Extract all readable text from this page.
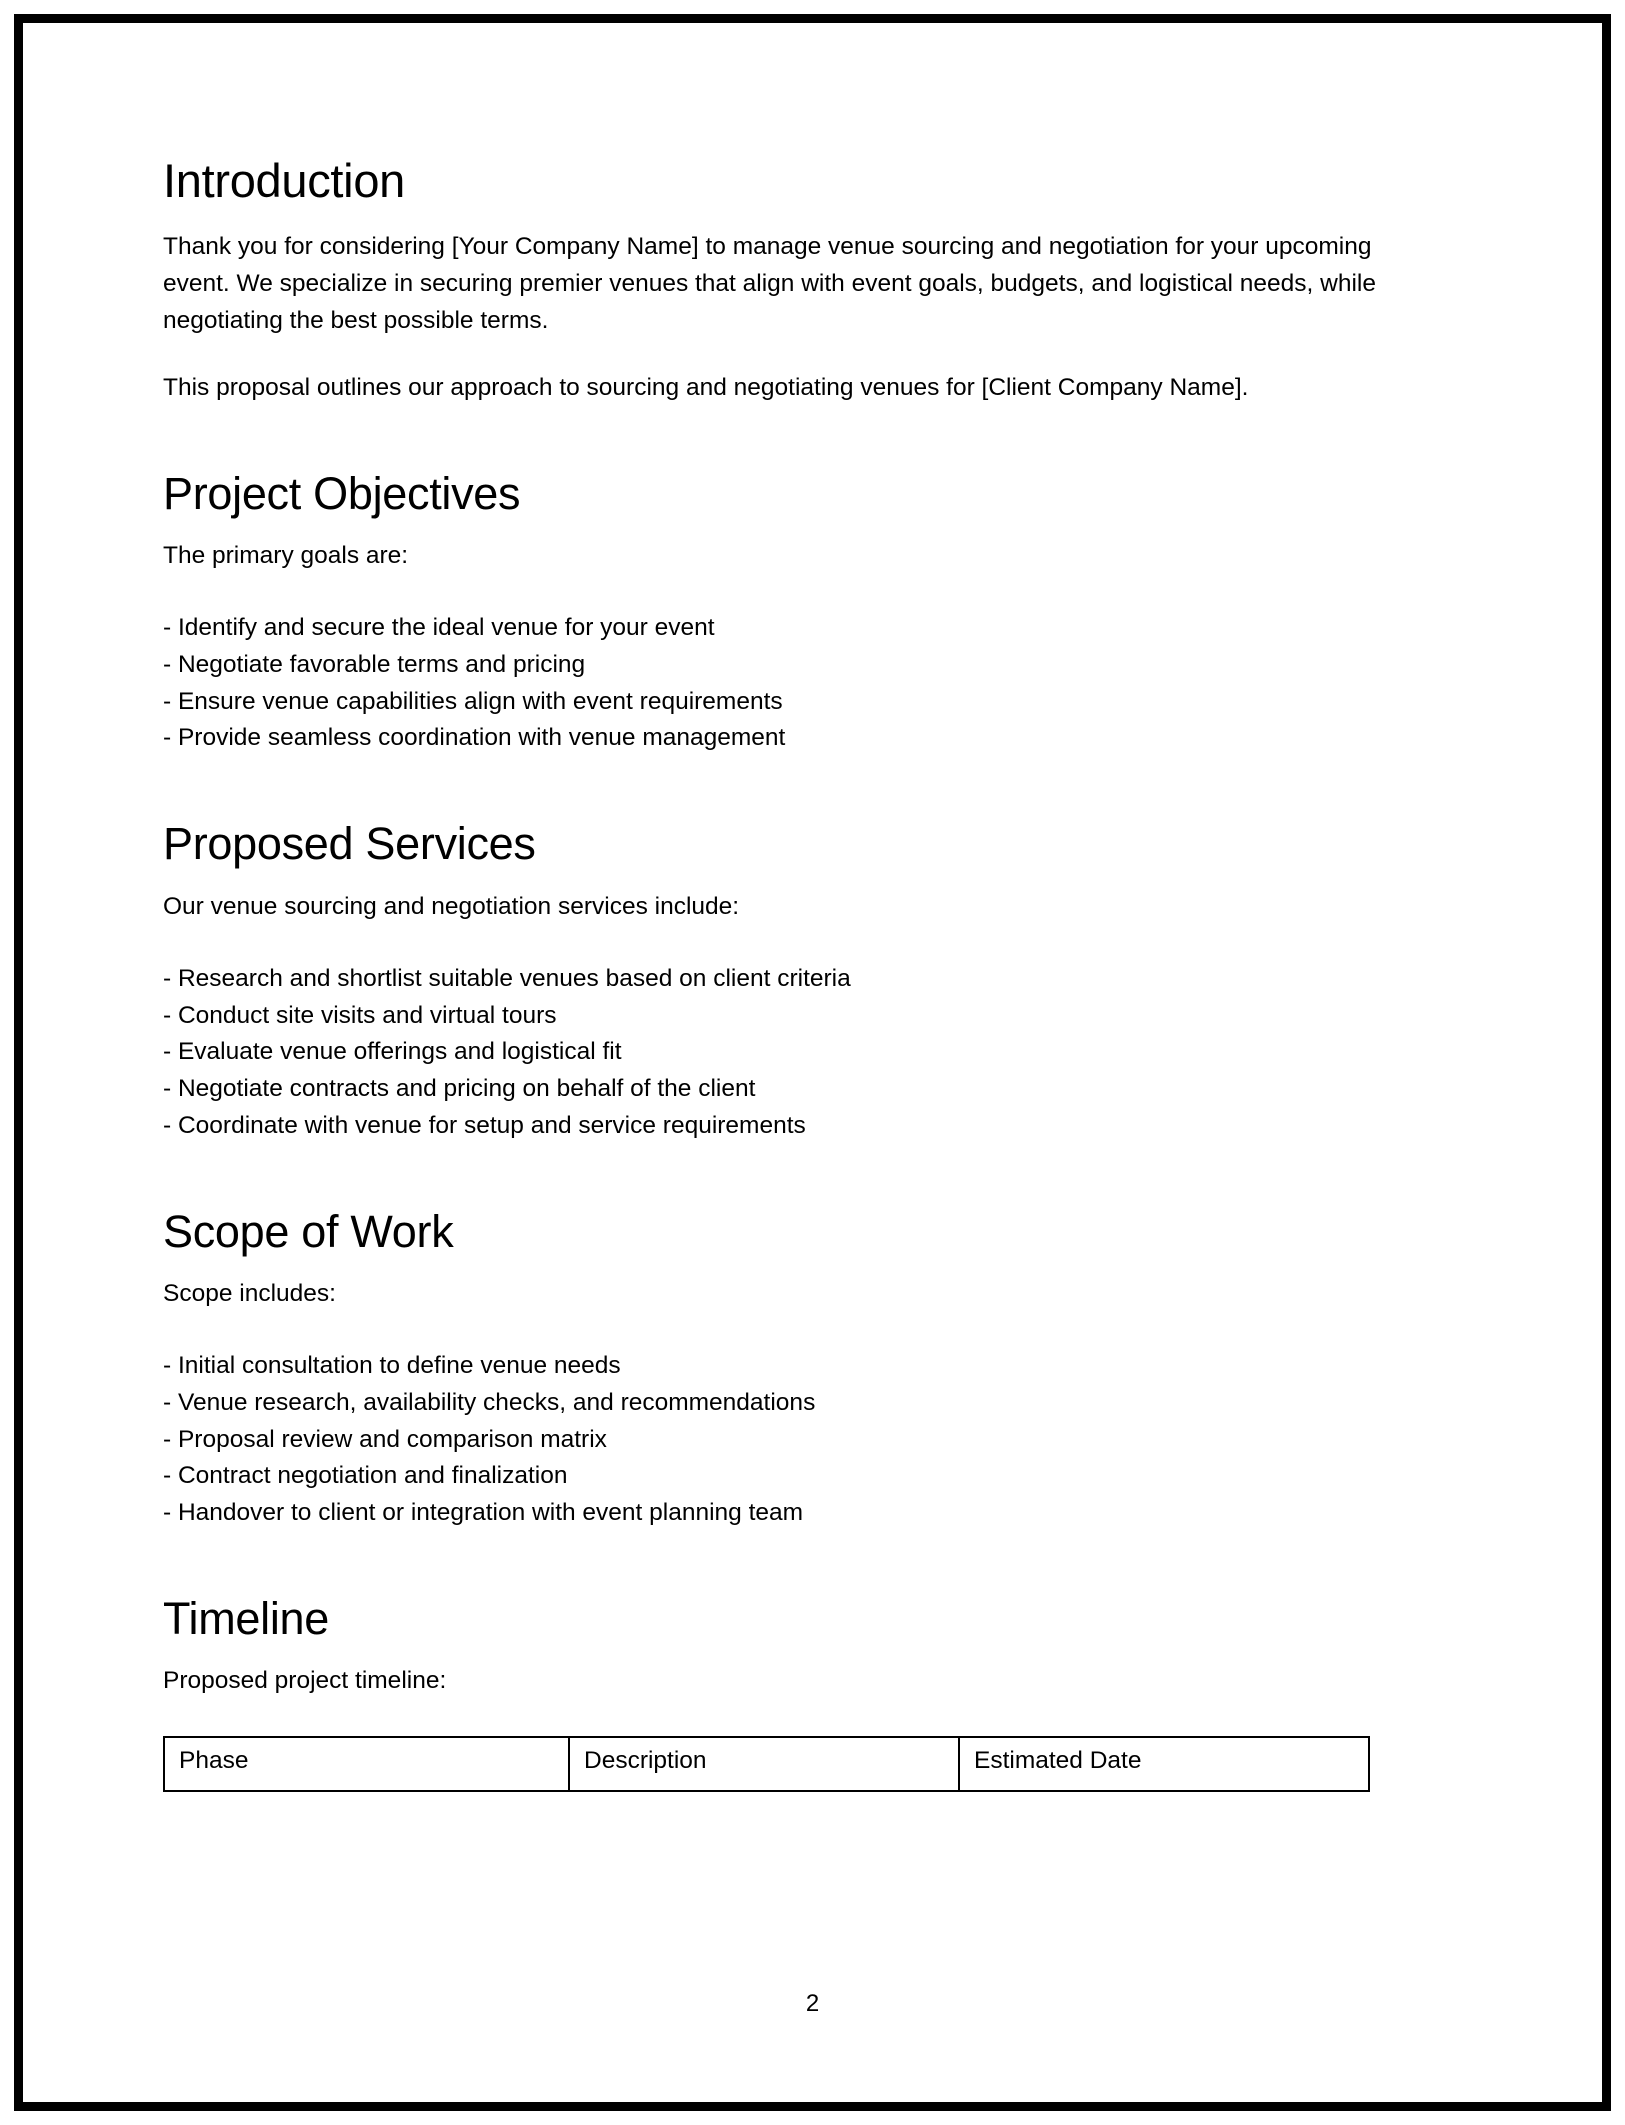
Introduction

Thank you for considering [Your Company Name] to manage venue sourcing and negotiation for your upcoming event. We specialize in securing premier venues that align with event goals, budgets, and logistical needs, while negotiating the best possible terms.

This proposal outlines our approach to sourcing and negotiating venues for [Client Company Name].

Project Objectives
The primary goals are:
- Identify and secure the ideal venue for your event
- Negotiate favorable terms and pricing
- Ensure venue capabilities align with event requirements
- Provide seamless coordination with venue management
Proposed Services
Our venue sourcing and negotiation services include:
- Research and shortlist suitable venues based on client criteria
- Conduct site visits and virtual tours
- Evaluate venue offerings and logistical fit
- Negotiate contracts and pricing on behalf of the client
- Coordinate with venue for setup and service requirements
Scope of Work
Scope includes:
- Initial consultation to define venue needs
- Venue research, availability checks, and recommendations
- Proposal review and comparison matrix
- Contract negotiation and finalization
- Handover to client or integration with event planning team
Timeline
Proposed project timeline:
Phase	Description	Estimated Date
2
